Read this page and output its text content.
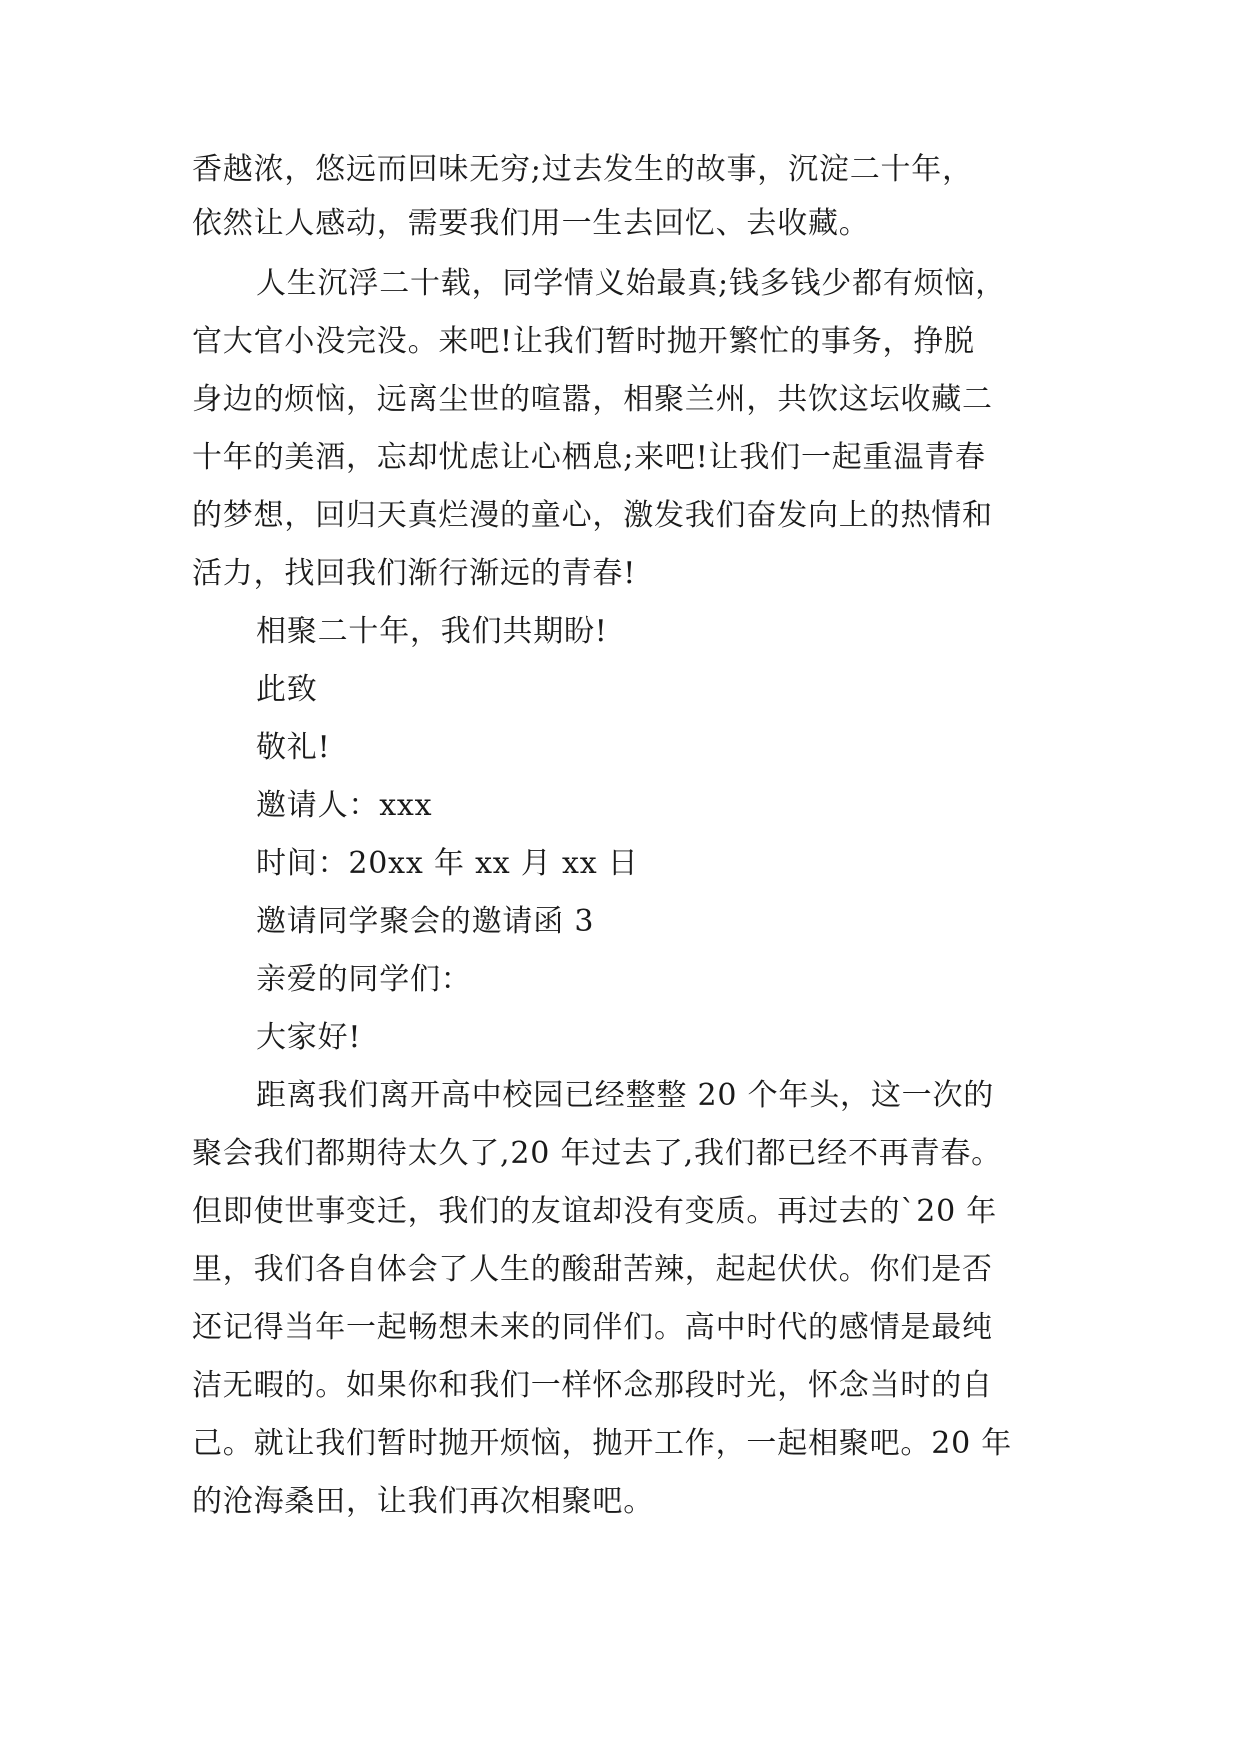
香越浓，悠远而回味无穷;过去发生的故事，沉淀二十年，
依然让人感动，需要我们用一生去回忆、去收藏。
人生沉浮二十载，同学情义始最真;钱多钱少都有烦恼，
官大官小没完没。来吧!让我们暂时抛开繁忙的事务，挣脱
身边的烦恼，远离尘世的喧嚣，相聚兰州，共饮这坛收藏二
十年的美酒，忘却忧虑让心栖息;来吧!让我们一起重温青春
的梦想，回归天真烂漫的童心，激发我们奋发向上的热情和
活力，找回我们渐行渐远的青春!
相聚二十年，我们共期盼!
此致
敬礼!
邀请人：xxx
时间：20xx 年 xx 月 xx 日
邀请同学聚会的邀请函 3
亲爱的同学们：
大家好!
距离我们离开高中校园已经整整 20 个年头，这一次的
聚会我们都期待太久了,20 年过去了,我们都已经不再青春。
但即使世事变迁，我们的友谊却没有变质。再过去的`20 年
里，我们各自体会了人生的酸甜苦辣，起起伏伏。你们是否
还记得当年一起畅想未来的同伴们。高中时代的感情是最纯
洁无暇的。如果你和我们一样怀念那段时光，怀念当时的自
己。就让我们暂时抛开烦恼，抛开工作，一起相聚吧。20 年
的沧海桑田，让我们再次相聚吧。
